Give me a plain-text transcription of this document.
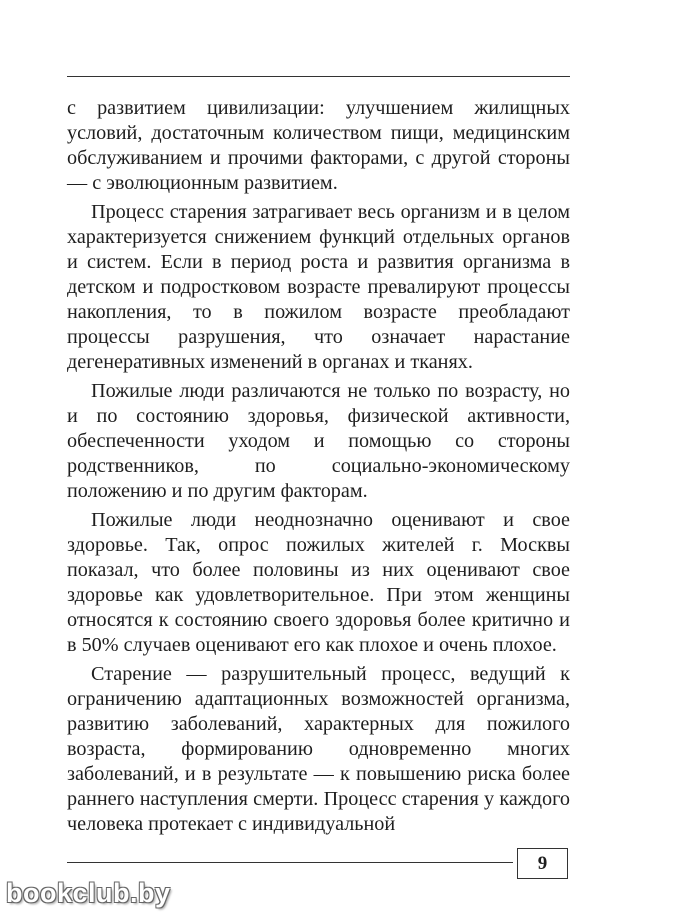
с развитием цивилизации: улучшением жилищных условий, достаточным количеством пищи, медицинским обслуживанием и прочими факторами, с другой стороны — с эволюционным развитием.

Процесс старения затрагивает весь организм и в целом характеризуется снижением функций отдельных органов и систем. Если в период роста и развития организма в детском и подростковом возрасте превалируют процессы накопления, то в пожилом возрасте преобладают процессы разрушения, что означает нарастание дегенеративных изменений в органах и тканях.

Пожилые люди различаются не только по возрасту, но и по состоянию здоровья, физической активности, обеспеченности уходом и помощью со стороны родственников, по социально-экономическому положению и по другим факторам.

Пожилые люди неоднозначно оценивают и свое здоровье. Так, опрос пожилых жителей г. Москвы показал, что более половины из них оценивают свое здоровье как удовлетворительное. При этом женщины относятся к состоянию своего здоровья более критично и в 50% случаев оценивают его как плохое и очень плохое.

Старение — разрушительный процесс, ведущий к ограничению адаптационных возможностей организма, развитию заболеваний, характерных для пожилого возраста, формированию одновременно многих заболеваний, и в результате — к повышению риска более раннего наступления смерти. Процесс старения у каждого человека протекает с индивидуальной

9
bookclub.by
